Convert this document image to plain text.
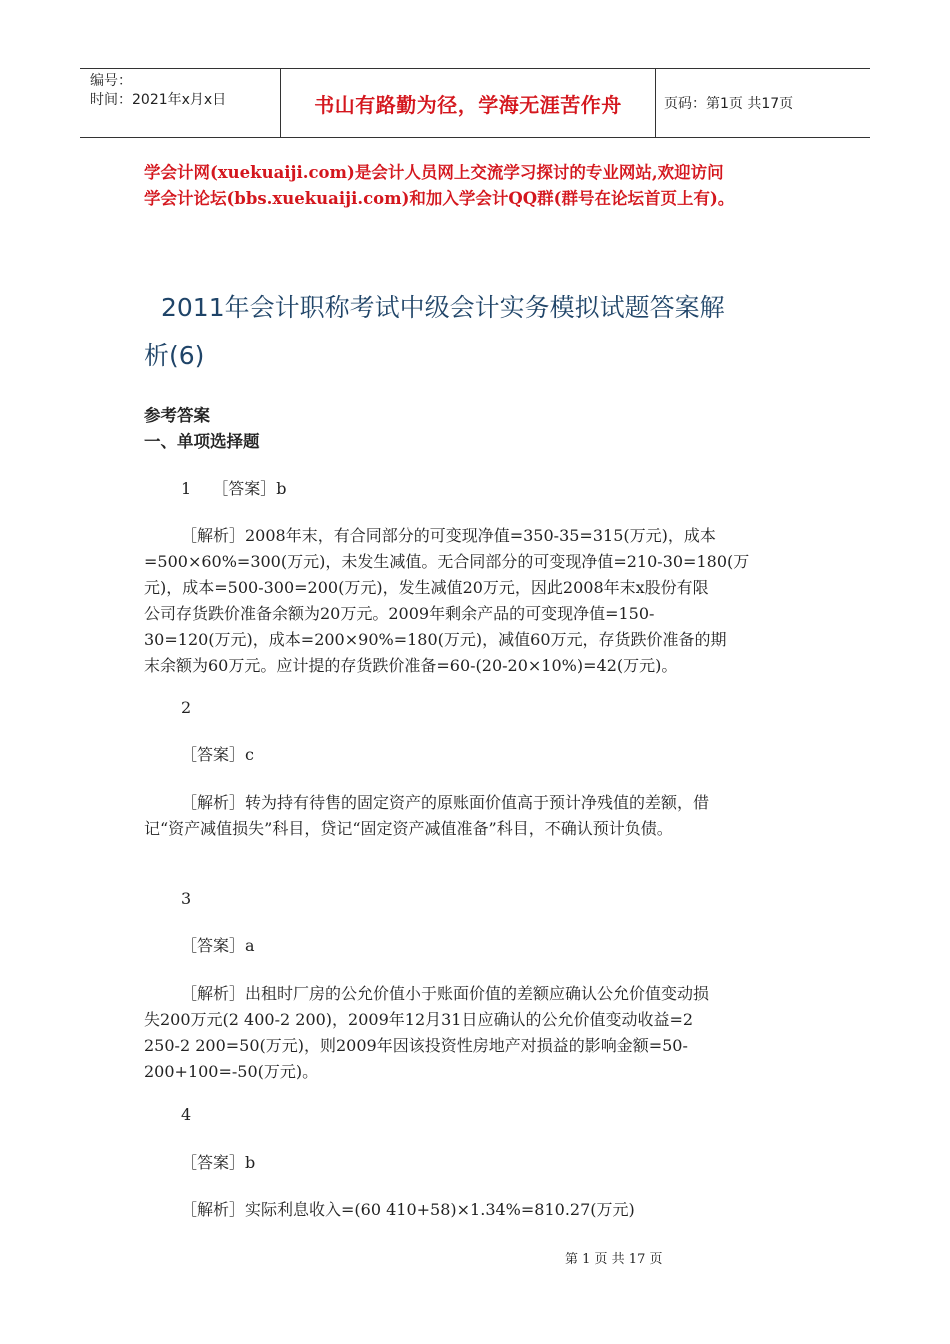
编号：
时间：2021年x月x日	书山有路勤为径，学海无涯苦作舟	页码：第1页 共17页

学会计网(xuekuaiji.com)是会计人员网上交流学习探讨的专业网站,欢迎访问

学会计论坛(bbs.xuekuaiji.com)和加入学会计QQ群(群号在论坛首页上有)。

2011年会计职称考试中级会计实务模拟试题答案解
析(6)
参考答案
一、单项选择题

1　 ［答案］b

［解析］2008年末，有合同部分的可变现净值=350-35=315(万元)，成本

=500×60%=300(万元)，未发生减值。无合同部分的可变现净值=210-30=180(万

元)，成本=500-300=200(万元)，发生减值20万元，因此2008年末x股份有限

公司存货跌价准备余额为20万元。2009年剩余产品的可变现净值=150-

30=120(万元)，成本=200×90%=180(万元)，减值60万元，存货跌价准备的期

末余额为60万元。应计提的存货跌价准备=60-(20-20×10%)=42(万元)。

2

［答案］c

［解析］转为持有待售的固定资产的原账面价值高于预计净残值的差额，借

记“资产减值损失”科目，贷记“固定资产减值准备”科目，不确认预计负债。

3

［答案］a

［解析］出租时厂房的公允价值小于账面价值的差额应确认公允价值变动损

失200万元(2 400-2 200)，2009年12月31日应确认的公允价值变动收益=2

250-2 200=50(万元)，则2009年因该投资性房地产对损益的影响金额=50-

200+100=-50(万元)。

4

［答案］b

［解析］实际利息收入=(60 410+58)×1.34%=810.27(万元)

第 1 页 共 17 页
